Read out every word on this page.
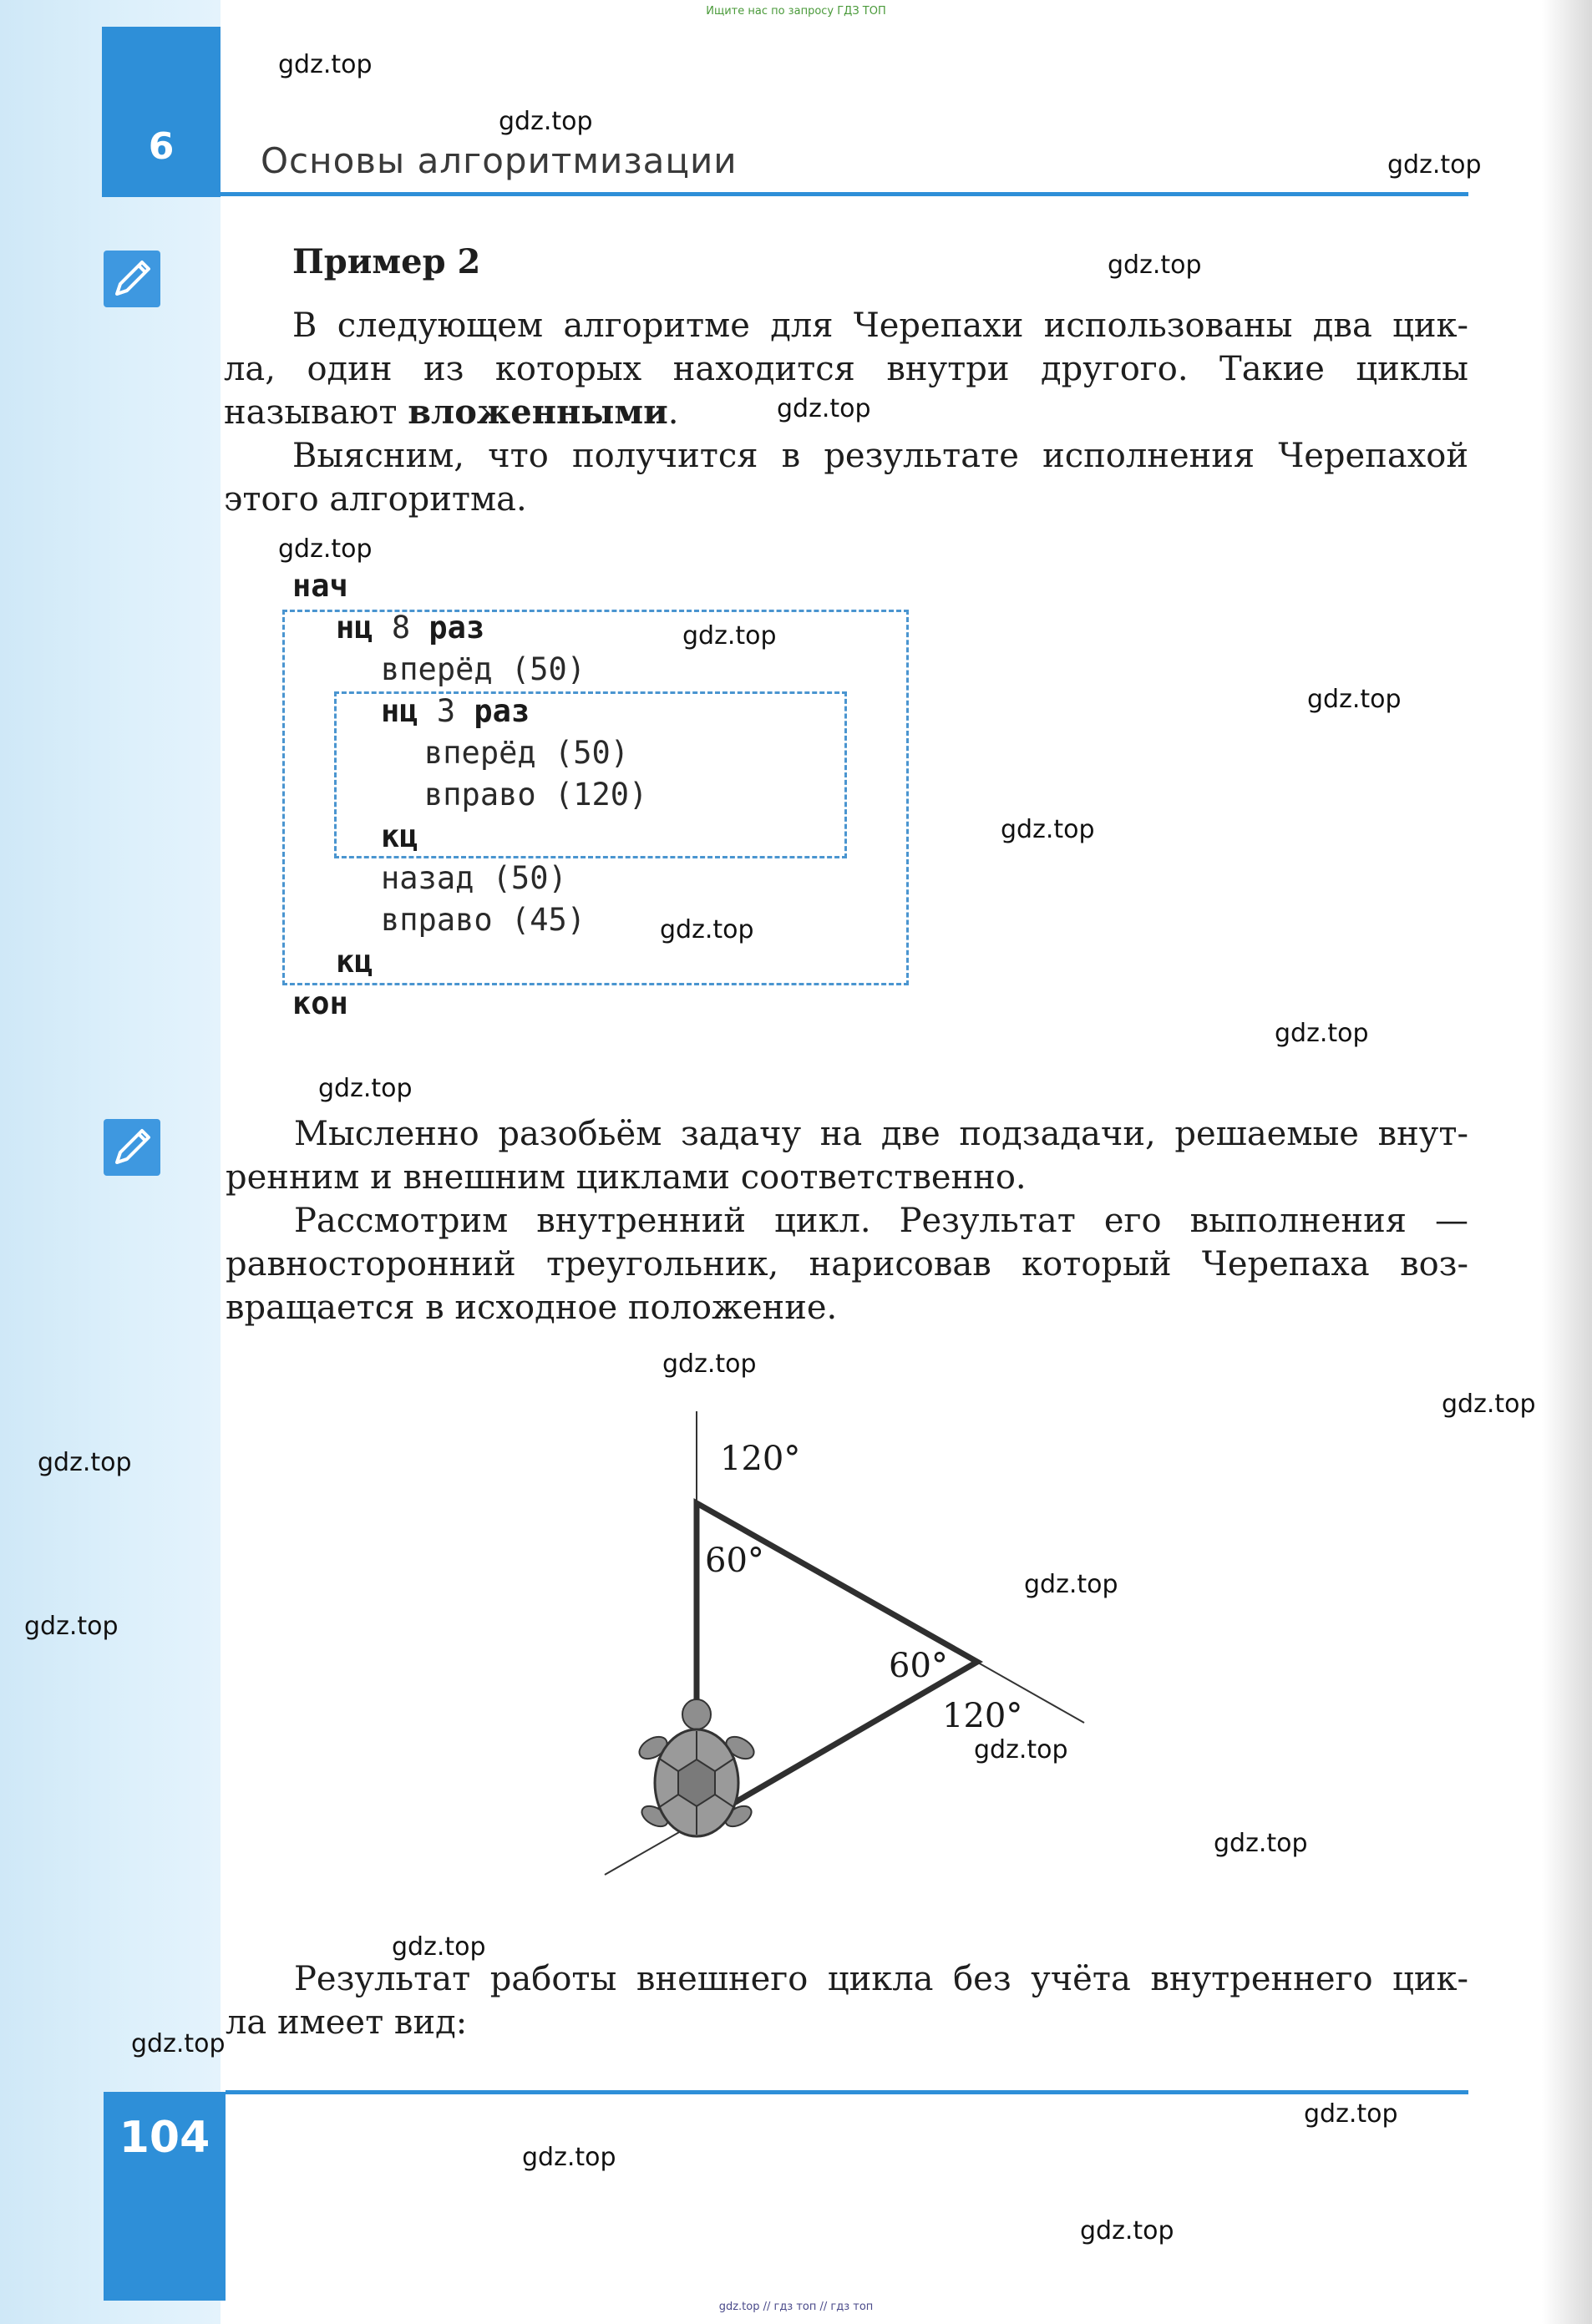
Ищите нас по запросу ГДЗ ТОП
6	Основы алгоритмизации
Пример 2
В следующем алгоритме для Черепахи использованы два цик-
ла, один из которых находится внутри другого. Такие циклы
называют вложенными.
Выясним, что получится в результате исполнения Черепахой
этого алгоритма.
нач
нц 8 раз
вперёд (50)
нц 3 раз
вперёд (50)
вправо (120)
кц
назад (50)
вправо (45)
кц
кон
Мысленно разобьём задачу на две подзадачи, решаемые внут-
ренним и внешним циклами соответственно.
Рассмотрим внутренний цикл. Результат его выполнения —
равносторонний треугольник, нарисовав который Черепаха воз-
вращается в исходное положение.
120°
60°
60°
120°
Результат работы внешнего цикла без учёта внутреннего цик-
ла имеет вид:
104
gdz.top // гдз топ // гдз топ
gdz.top
gdz.top
gdz.top
gdz.top
gdz.top
gdz.top
gdz.top
gdz.top
gdz.top
gdz.top
gdz.top
gdz.top
gdz.top
gdz.top
gdz.top
gdz.top
gdz.top
gdz.top
gdz.top
gdz.top
gdz.top
gdz.top
gdz.top
gdz.top
